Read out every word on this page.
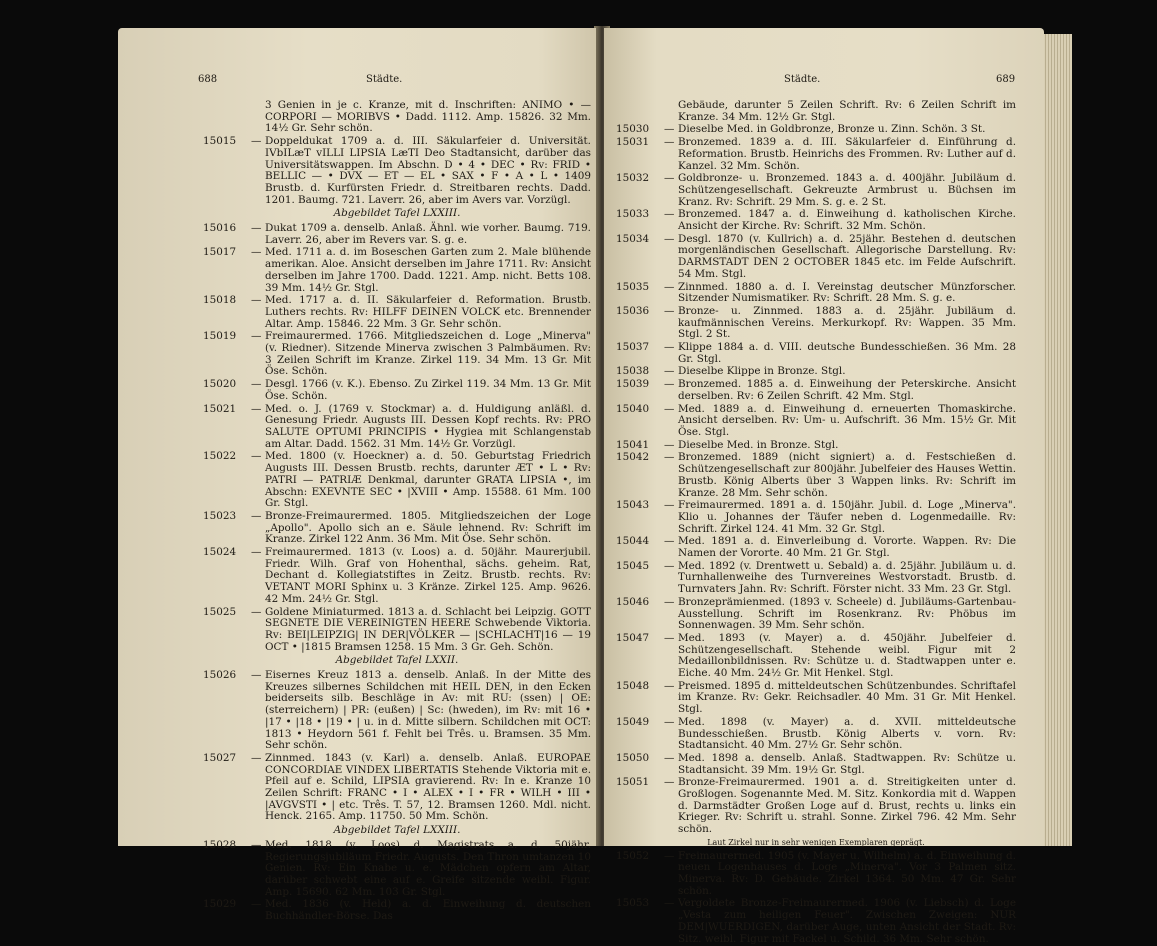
688	Städte.
3 Genien in je c. Kranze, mit d. Inschriften: ANIMO • — CORPORI — MORIBVS • Dadd. 1112. Amp. 15826. 32 Mm. 14½ Gr. Sehr schön.
15015	— Doppeldukat 1709 a. d. III. Säkularfeier d. Universität. IVbILæT vILLI LIPSIA LæTI Deo Stadtansicht, darüber das Universitätswappen. Im Abschn. D • 4 • DEC • Rv: FRID • BELLIC — • DVX — ET — EL • SAX • F • A • L • 1409 Brustb. d. Kurfürsten Friedr. d. Streitbaren rechts. Dadd. 1201. Baumg. 721. Laverr. 26, aber im Avers var. Vorzügl.
Abgebildet Tafel LXXIII.
15016	— Dukat 1709 a. denselb. Anlaß. Ähnl. wie vorher. Baumg. 719. Laverr. 26, aber im Revers var. S. g. e.
15017	— Med. 1711 a. d. im Boseschen Garten zum 2. Male blühende amerikan. Aloe. Ansicht derselben im Jahre 1711. Rv: Ansicht derselben im Jahre 1700. Dadd. 1221. Amp. nicht. Betts 108. 39 Mm. 14½ Gr. Stgl.
15018	— Med. 1717 a. d. II. Säkularfeier d. Reformation. Brustb. Luthers rechts. Rv: HILFF DEINEN VOLCK etc. Brennender Altar. Amp. 15846. 22 Mm. 3 Gr. Sehr schön.
15019	— Freimaurermed. 1766. Mitgliedszeichen d. Loge „Minerva" (v. Riedner). Sitzende Minerva zwischen 3 Palmbäumen. Rv: 3 Zeilen Schrift im Kranze. Zirkel 119. 34 Mm. 13 Gr. Mit Öse. Schön.
15020	— Desgl. 1766 (v. K.). Ebenso. Zu Zirkel 119. 34 Mm. 13 Gr. Mit Öse. Schön.
15021	— Med. o. J. (1769 v. Stockmar) a. d. Huldigung anläßl. d. Genesung Friedr. Augusts III. Dessen Kopf rechts. Rv: PRO SALUTE OPTUMI PRINCIPIS • Hygiea mit Schlangenstab am Altar. Dadd. 1562. 31 Mm. 14½ Gr. Vorzügl.
15022	— Med. 1800 (v. Hoeckner) a. d. 50. Geburtstag Friedrich Augusts III. Dessen Brustb. rechts, darunter ÆT • L • Rv: PATRI — PATRIÆ Denkmal, darunter GRATA LIPSIA •, im Abschn: EXEVNTE SEC • |XVIII • Amp. 15588. 61 Mm. 100 Gr. Stgl.
15023	— Bronze-Freimaurermed. 1805. Mitgliedszeichen der Loge „Apollo". Apollo sich an e. Säule lehnend. Rv: Schrift im Kranze. Zirkel 122 Anm. 36 Mm. Mit Öse. Sehr schön.
15024	— Freimaurermed. 1813 (v. Loos) a. d. 50jähr. Maurerjubil. Friedr. Wilh. Graf von Hohenthal, sächs. geheim. Rat, Dechant d. Kollegiatstiftes in Zeitz. Brustb. rechts. Rv: VETANT MORI Sphinx u. 3 Kränze. Zirkel 125. Amp. 9626. 42 Mm. 24½ Gr. Stgl.
15025	— Goldene Miniaturmed. 1813 a. d. Schlacht bei Leipzig. GOTT SEGNETE DIE VEREINIGTEN HEERE Schwebende Viktoria. Rv: BEI|LEIPZIG| IN DER|VÖLKER — |SCHLACHT|16 — 19 OCT • |1815 Bramsen 1258. 15 Mm. 3 Gr. Geh. Schön.
Abgebildet Tafel LXXII.
15026	— Eisernes Kreuz 1813 a. denselb. Anlaß. In der Mitte des Kreuzes silbernes Schildchen mit HEIL DEN, in den Ecken beiderseits silb. Beschläge in Av: mit RU: (ssen) | OE: (sterreichern) | PR: (eußen) | Sc: (hweden), im Rv: mit 16 • |17 • |18 • |19 • | u. in d. Mitte silbern. Schildchen mit OCT: 1813 • Heydorn 561 f. Fehlt bei Três. u. Bramsen. 35 Mm. Sehr schön.
15027	— Zinnmed. 1843 (v. Karl) a. denselb. Anlaß. EUROPAE CONCORDIAE VINDEX LIBERTATIS Stehende Viktoria mit e. Pfeil auf e. Schild, LIPSIA gravierend. Rv: In e. Kranze 10 Zeilen Schrift: FRANC • I • ALEX • I • FR • WILH • III • |AVGVSTI • | etc. Três. T. 57, 12. Bramsen 1260. Mdl. nicht. Henck. 2165. Amp. 11750. 50 Mm. Schön.
Abgebildet Tafel LXXIII.
15028	— Med. 1818 (v. Loos) d. Magistrats a. d. 50jähr. Regierungsjubiläum Friedr. Augusts. Den Thron umtanzen 10 Genien. Rv: Ein Knabe u. e. Mädchen opfern am Altar, darüber schwebt eine auf e. Greife sitzende weibl. Figur. Amp. 15690. 62 Mm. 103 Gr. Stgl.
15029	— Med. 1836 (v. Held) a. d. Einweihung d. deutschen Buchhändler-Börse. Das
Städte.	689
Gebäude, darunter 5 Zeilen Schrift. Rv: 6 Zeilen Schrift im Kranze. 34 Mm. 12½ Gr. Stgl.
15030	— Dieselbe Med. in Goldbronze, Bronze u. Zinn. Schön. 3 St.
15031	— Bronzemed. 1839 a. d. III. Säkularfeier d. Einführung d. Reformation. Brustb. Heinrichs des Frommen. Rv: Luther auf d. Kanzel. 32 Mm. Schön.
15032	— Goldbronze- u. Bronzemed. 1843 a. d. 400jähr. Jubiläum d. Schützengesellschaft. Gekreuzte Armbrust u. Büchsen im Kranz. Rv: Schrift. 29 Mm. S. g. e. 2 St.
15033	— Bronzemed. 1847 a. d. Einweihung d. katholischen Kirche. Ansicht der Kirche. Rv: Schrift. 32 Mm. Schön.
15034	— Desgl. 1870 (v. Kullrich) a. d. 25jähr. Bestehen d. deutschen morgenländischen Gesellschaft. Allegorische Darstellung. Rv: DARMSTADT DEN 2 OCTOBER 1845 etc. im Felde Aufschrift. 54 Mm. Stgl.
15035	— Zinnmed. 1880 a. d. I. Vereinstag deutscher Münzforscher. Sitzender Numismatiker. Rv: Schrift. 28 Mm. S. g. e.
15036	— Bronze- u. Zinnmed. 1883 a. d. 25jähr. Jubiläum d. kaufmännischen Vereins. Merkurkopf. Rv: Wappen. 35 Mm. Stgl. 2 St.
15037	— Klippe 1884 a. d. VIII. deutsche Bundesschießen. 36 Mm. 28 Gr. Stgl.
15038	— Dieselbe Klippe in Bronze. Stgl.
15039	— Bronzemed. 1885 a. d. Einweihung der Peterskirche. Ansicht derselben. Rv: 6 Zeilen Schrift. 42 Mm. Stgl.
15040	— Med. 1889 a. d. Einweihung d. erneuerten Thomaskirche. Ansicht derselben. Rv: Um- u. Aufschrift. 36 Mm. 15½ Gr. Mit Öse. Stgl.
15041	— Dieselbe Med. in Bronze. Stgl.
15042	— Bronzemed. 1889 (nicht signiert) a. d. Festschießen d. Schützengesellschaft zur 800jähr. Jubelfeier des Hauses Wettin. Brustb. König Alberts über 3 Wappen links. Rv: Schrift im Kranze. 28 Mm. Sehr schön.
15043	— Freimaurermed. 1891 a. d. 150jähr. Jubil. d. Loge „Minerva". Klio u. Johannes der Täufer neben d. Logenmedaille. Rv: Schrift. Zirkel 124. 41 Mm. 32 Gr. Stgl.
15044	— Med. 1891 a. d. Einverleibung d. Vororte. Wappen. Rv: Die Namen der Vororte. 40 Mm. 21 Gr. Stgl.
15045	— Med. 1892 (v. Drentwett u. Sebald) a. d. 25jähr. Jubiläum u. d. Turnhallenweihe des Turnvereines Westvorstadt. Brustb. d. Turnvaters Jahn. Rv: Schrift. Förster nicht. 33 Mm. 23 Gr. Stgl.
15046	— Bronzeprämienmed. (1893 v. Scheele) d. Jubiläums-Gartenbau-Ausstellung. Schrift im Rosenkranz. Rv: Phöbus im Sonnenwagen. 39 Mm. Sehr schön.
15047	— Med. 1893 (v. Mayer) a. d. 450jähr. Jubelfeier d. Schützengesellschaft. Stehende weibl. Figur mit 2 Medaillonbildnissen. Rv: Schütze u. d. Stadtwappen unter e. Eiche. 40 Mm. 24½ Gr. Mit Henkel. Stgl.
15048	— Preismed. 1895 d. mitteldeutschen Schützenbundes. Schriftafel im Kranze. Rv: Gekr. Reichsadler. 40 Mm. 31 Gr. Mit Henkel. Stgl.
15049	— Med. 1898 (v. Mayer) a. d. XVII. mitteldeutsche Bundesschießen. Brustb. König Alberts v. vorn. Rv: Stadtansicht. 40 Mm. 27½ Gr. Sehr schön.
15050	— Med. 1898 a. denselb. Anlaß. Stadtwappen. Rv: Schütze u. Stadtansicht. 39 Mm. 19½ Gr. Stgl.
15051	— Bronze-Freimaurermed. 1901 a. d. Streitigkeiten unter d. Großlogen. Sogenannte Med. M. Sitz. Konkordia mit d. Wappen d. Darmstädter Großen Loge auf d. Brust, rechts u. links ein Krieger. Rv: Schrift u. strahl. Sonne. Zirkel 796. 42 Mm. Sehr schön.
Laut Zirkel nur in sehr wenigen Exemplaren geprägt.
15052	— Freimaurermed. 1905 (v. Mayer u. Wilhelm) a. d. Einweihung d. neuen Logenhauses d. Loge „Minerva". Vor 3 Palmen sitz. Minerva. Rv: D. Gebäude. Zirkel 1364. 50 Mm. 47 Gr. Sehr schön.
15053	— Vergoldete Bronze-Freimaurermed. 1906 (v. Liebsch) d. Loge „Vesta zum heiligen Feuer". Zwischen Zweigen: NUR DEM|WUERDIGEN, darüber Auge, unten Ansicht der Stadt. Rv: Sitz. weibl. Figur mit Fackel u. Schild. 36 Mm. Sehr schön.
